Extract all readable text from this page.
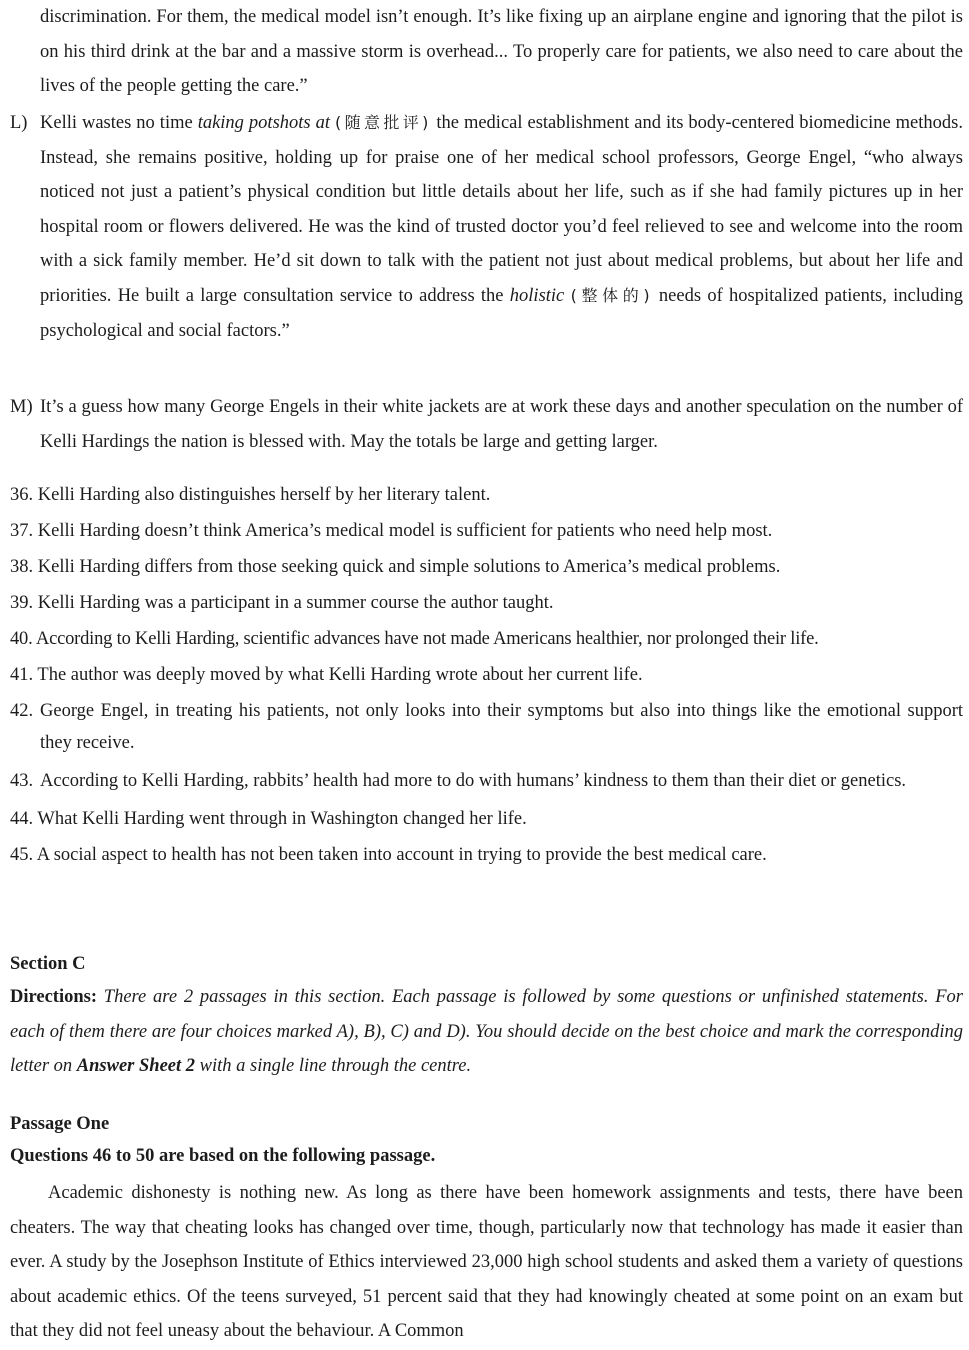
discrimination. For them, the medical model isn’t enough. It’s like fixing up an airplane engine and ignoring that the pilot is on his third drink at the bar and a massive storm is overhead... To properly care for patients, we also need to care about the lives of the people getting the care.”
L) Kelli wastes no time taking potshots at (随意批评) the medical establishment and its body-centered biomedicine methods. Instead, she remains positive, holding up for praise one of her medical school professors, George Engel, “who always noticed not just a patient’s physical condition but little details about her life, such as if she had family pictures up in her hospital room or flowers delivered. He was the kind of trusted doctor you’d feel relieved to see and welcome into the room with a sick family member. He’d sit down to talk with the patient not just about medical problems, but about her life and priorities. He built a large consultation service to address the holistic (整体的) needs of hospitalized patients, including psychological and social factors.”
M) It’s a guess how many George Engels in their white jackets are at work these days and another speculation on the number of Kelli Hardings the nation is blessed with. May the totals be large and getting larger.
36. Kelli Harding also distinguishes herself by her literary talent.
37. Kelli Harding doesn’t think America’s medical model is sufficient for patients who need help most.
38. Kelli Harding differs from those seeking quick and simple solutions to America’s medical problems.
39. Kelli Harding was a participant in a summer course the author taught.
40. According to Kelli Harding, scientific advances have not made Americans healthier, nor prolonged their life.
41. The author was deeply moved by what Kelli Harding wrote about her current life.
42. George Engel, in treating his patients, not only looks into their symptoms but also into things like the emotional support they receive.
43. According to Kelli Harding, rabbits’ health had more to do with humans’ kindness to them than their diet or genetics.
44. What Kelli Harding went through in Washington changed her life.
45. A social aspect to health has not been taken into account in trying to provide the best medical care.
Section C
Directions: There are 2 passages in this section. Each passage is followed by some questions or unfinished statements. For each of them there are four choices marked A), B), C) and D). You should decide on the best choice and mark the corresponding letter on Answer Sheet 2 with a single line through the centre.
Passage One
Questions 46 to 50 are based on the following passage.
Academic dishonesty is nothing new. As long as there have been homework assignments and tests, there have been cheaters. The way that cheating looks has changed over time, though, particularly now that technology has made it easier than ever. A study by the Josephson Institute of Ethics interviewed 23,000 high school students and asked them a variety of questions about academic ethics. Of the teens surveyed, 51 percent said that they had knowingly cheated at some point on an exam but that they did not feel uneasy about the behaviour. A Common
